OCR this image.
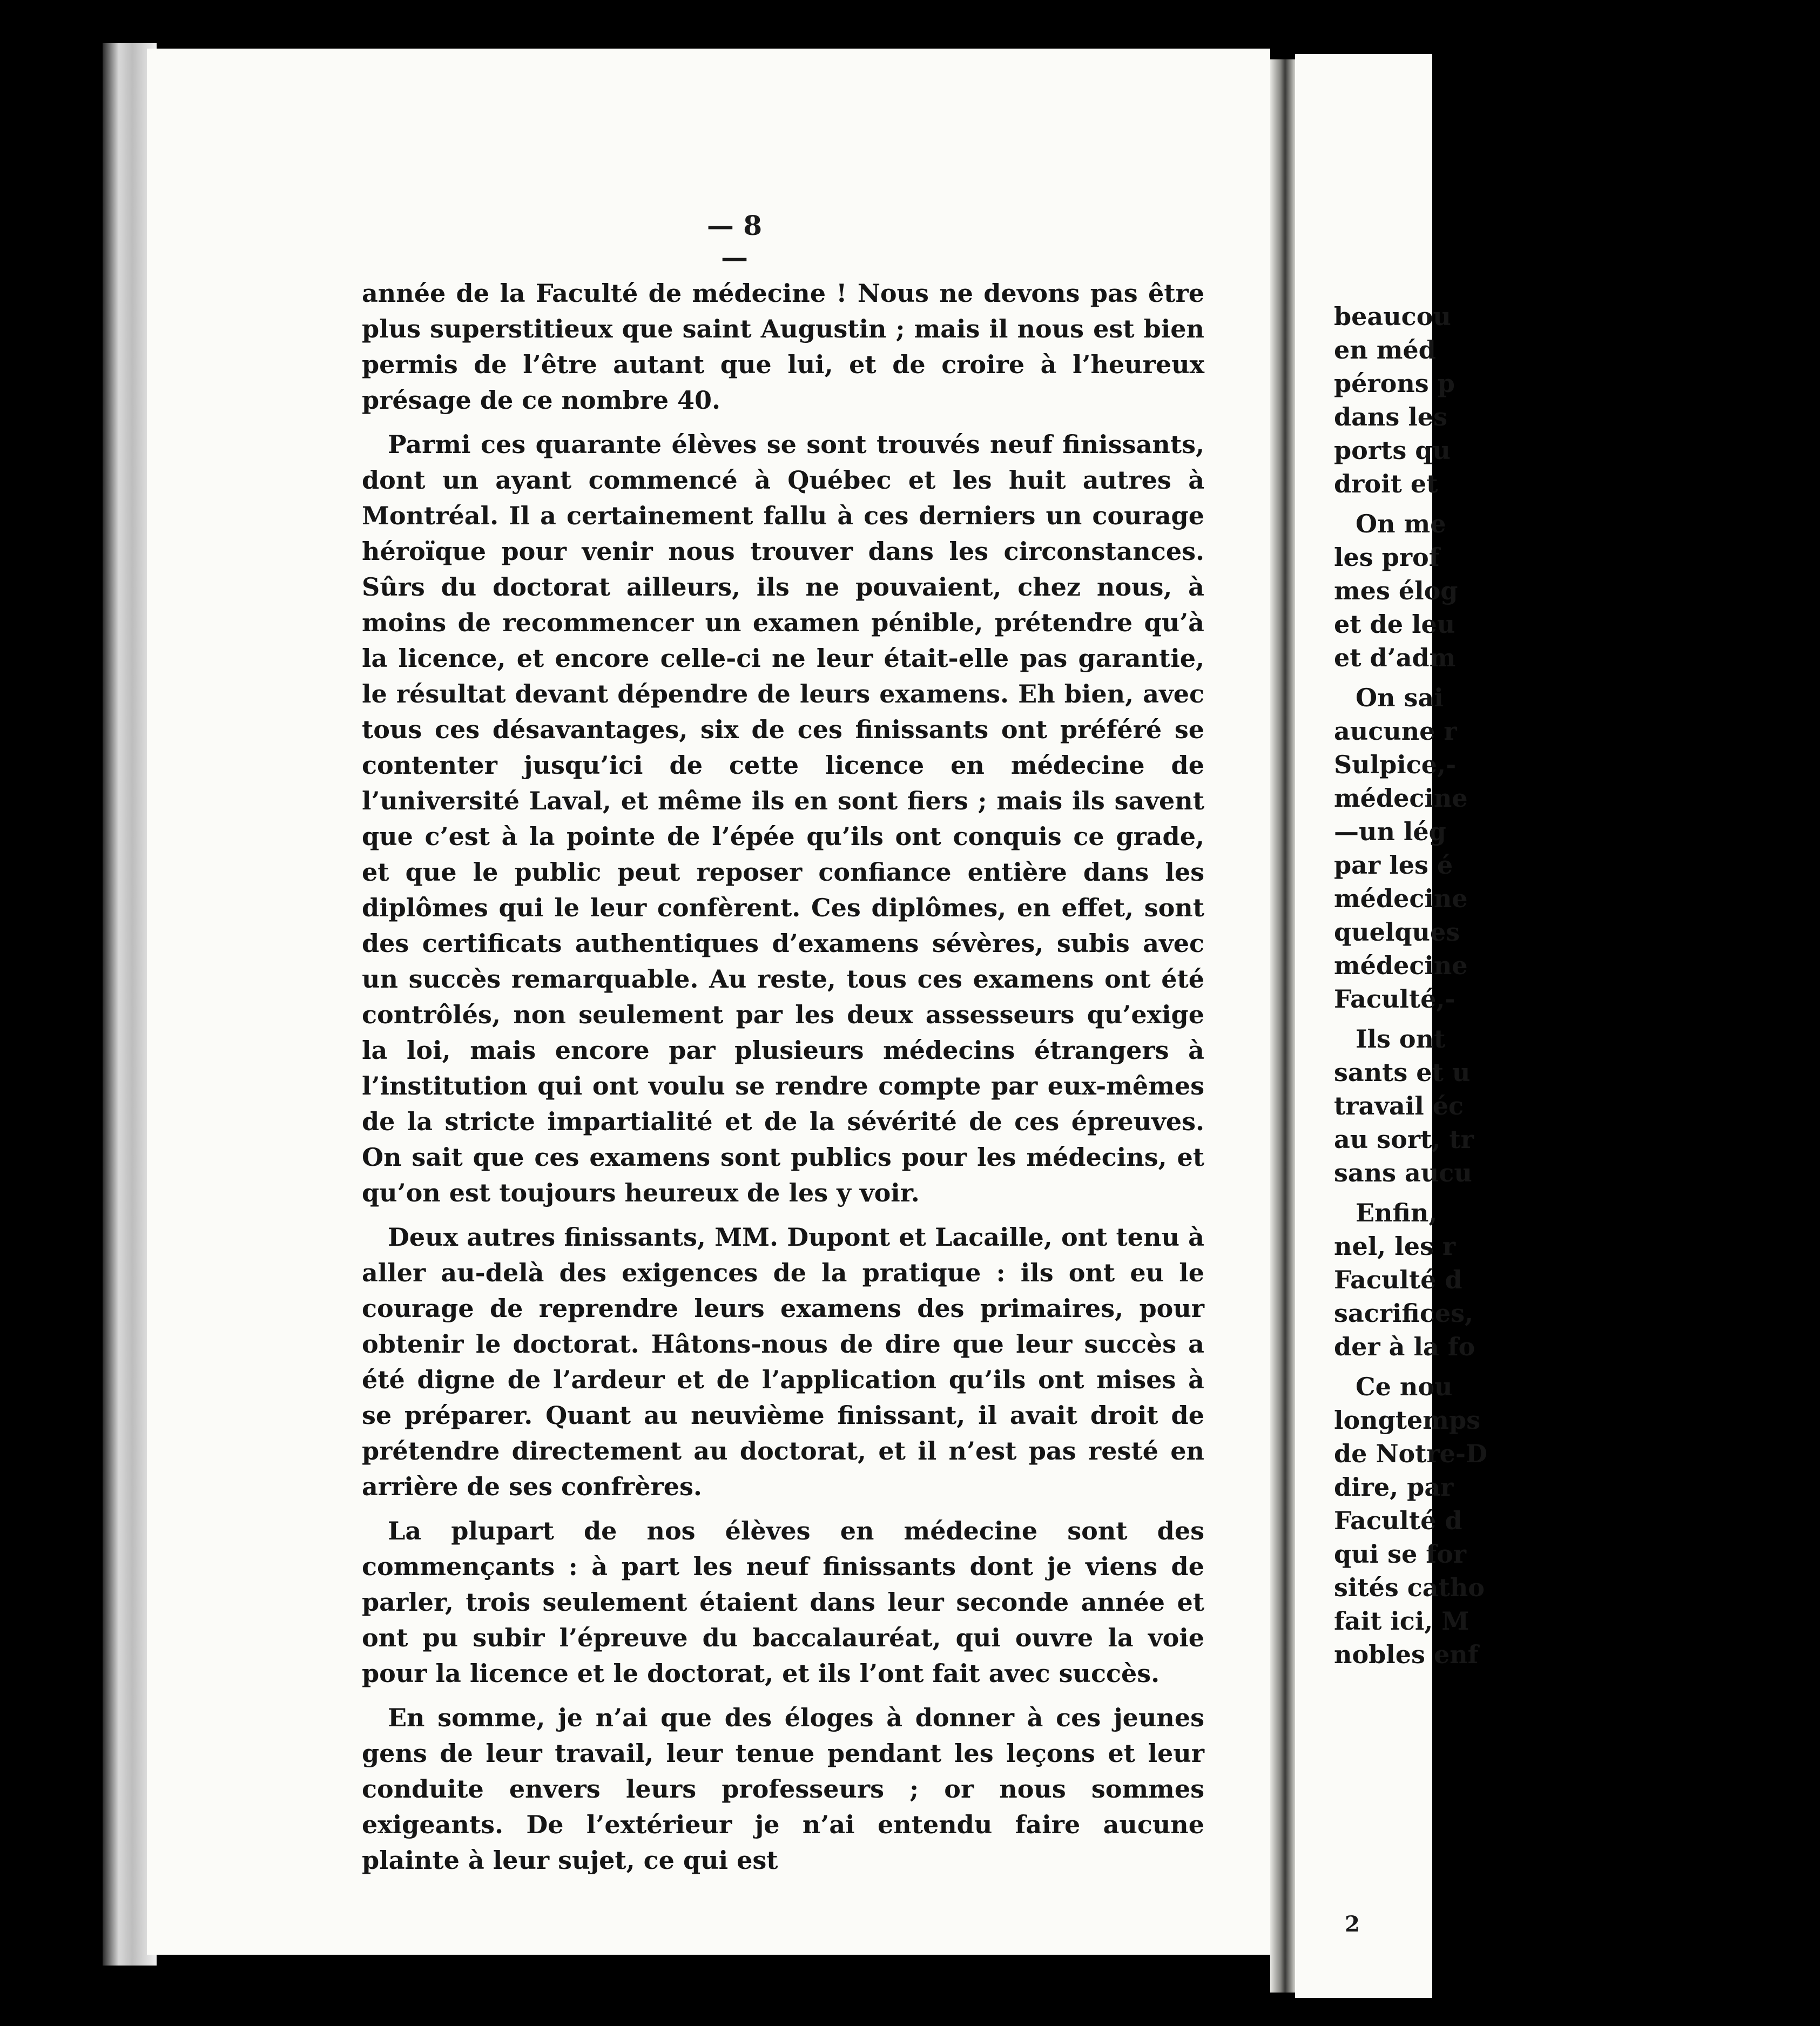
— 8 —

année de la Faculté de médecine ! Nous ne devons pas être plus superstitieux que saint Augustin ; mais il nous est bien permis de l’être autant que lui, et de croire à l’heureux présage de ce nombre 40.

Parmi ces quarante élèves se sont trouvés neuf finissants, dont un ayant commencé à Québec et les huit autres à Montréal. Il a certainement fallu à ces derniers un courage héroïque pour venir nous trouver dans les circonstances. Sûrs du doctorat ailleurs, ils ne pouvaient, chez nous, à moins de recommencer un examen pénible, prétendre qu’à la licence, et encore celle-ci ne leur était-elle pas garantie, le résultat devant dépendre de leurs examens. Eh bien, avec tous ces désavantages, six de ces finissants ont préféré se contenter jusqu’ici de cette licence en médecine de l’université Laval, et même ils en sont fiers ; mais ils savent que c’est à la pointe de l’épée qu’ils ont conquis ce grade, et que le public peut reposer confiance entière dans les diplômes qui le leur confèrent. Ces diplômes, en effet, sont des certificats authentiques d’examens sévères, subis avec un succès remarquable. Au reste, tous ces examens ont été contrôlés, non seulement par les deux assesseurs qu’exige la loi, mais encore par plusieurs médecins étrangers à l’institution qui ont voulu se rendre compte par eux-mêmes de la stricte impartialité et de la sévérité de ces épreuves. On sait que ces examens sont publics pour les médecins, et qu’on est toujours heureux de les y voir.

Deux autres finissants, MM. Dupont et Lacaille, ont tenu à aller au-delà des exigences de la pratique : ils ont eu le courage de reprendre leurs examens des primaires, pour obtenir le doctorat. Hâtons-nous de dire que leur succès a été digne de l’ardeur et de l’application qu’ils ont mises à se préparer. Quant au neuvième finissant, il avait droit de prétendre directement au doctorat, et il n’est pas resté en arrière de ses confrères.

La plupart de nos élèves en médecine sont des commençants : à part les neuf finissants dont je viens de parler, trois seulement étaient dans leur seconde année et ont pu subir l’épreuve du baccalauréat, qui ouvre la voie pour la licence et le doctorat, et ils l’ont fait avec succès.

En somme, je n’ai que des éloges à donner à ces jeunes gens de leur travail, leur tenue pendant les leçons et leur conduite envers leurs professeurs ; or nous sommes exigeants. De l’extérieur je n’ai entendu faire aucune plainte à leur sujet, ce qui est

beaucou
en méd
pérons p
dans les
ports qu
droit et
On me
les prof
mes élog
et de leu
et d’adm
On sai
aucune r
Sulpice,-
médecine
—un lég
par les é
médecine
quelques
médecine
Faculté,-
Ils ont
sants et u
travail éc
au sort, tr
sans aucu
Enfin,
nel, les r
Faculté d
sacrifices,
der à la fo
Ce nou
longtemps
de Notre-D
dire, par
Faculté d
qui se for
sités catho
fait ici, M
nobles enf
2
